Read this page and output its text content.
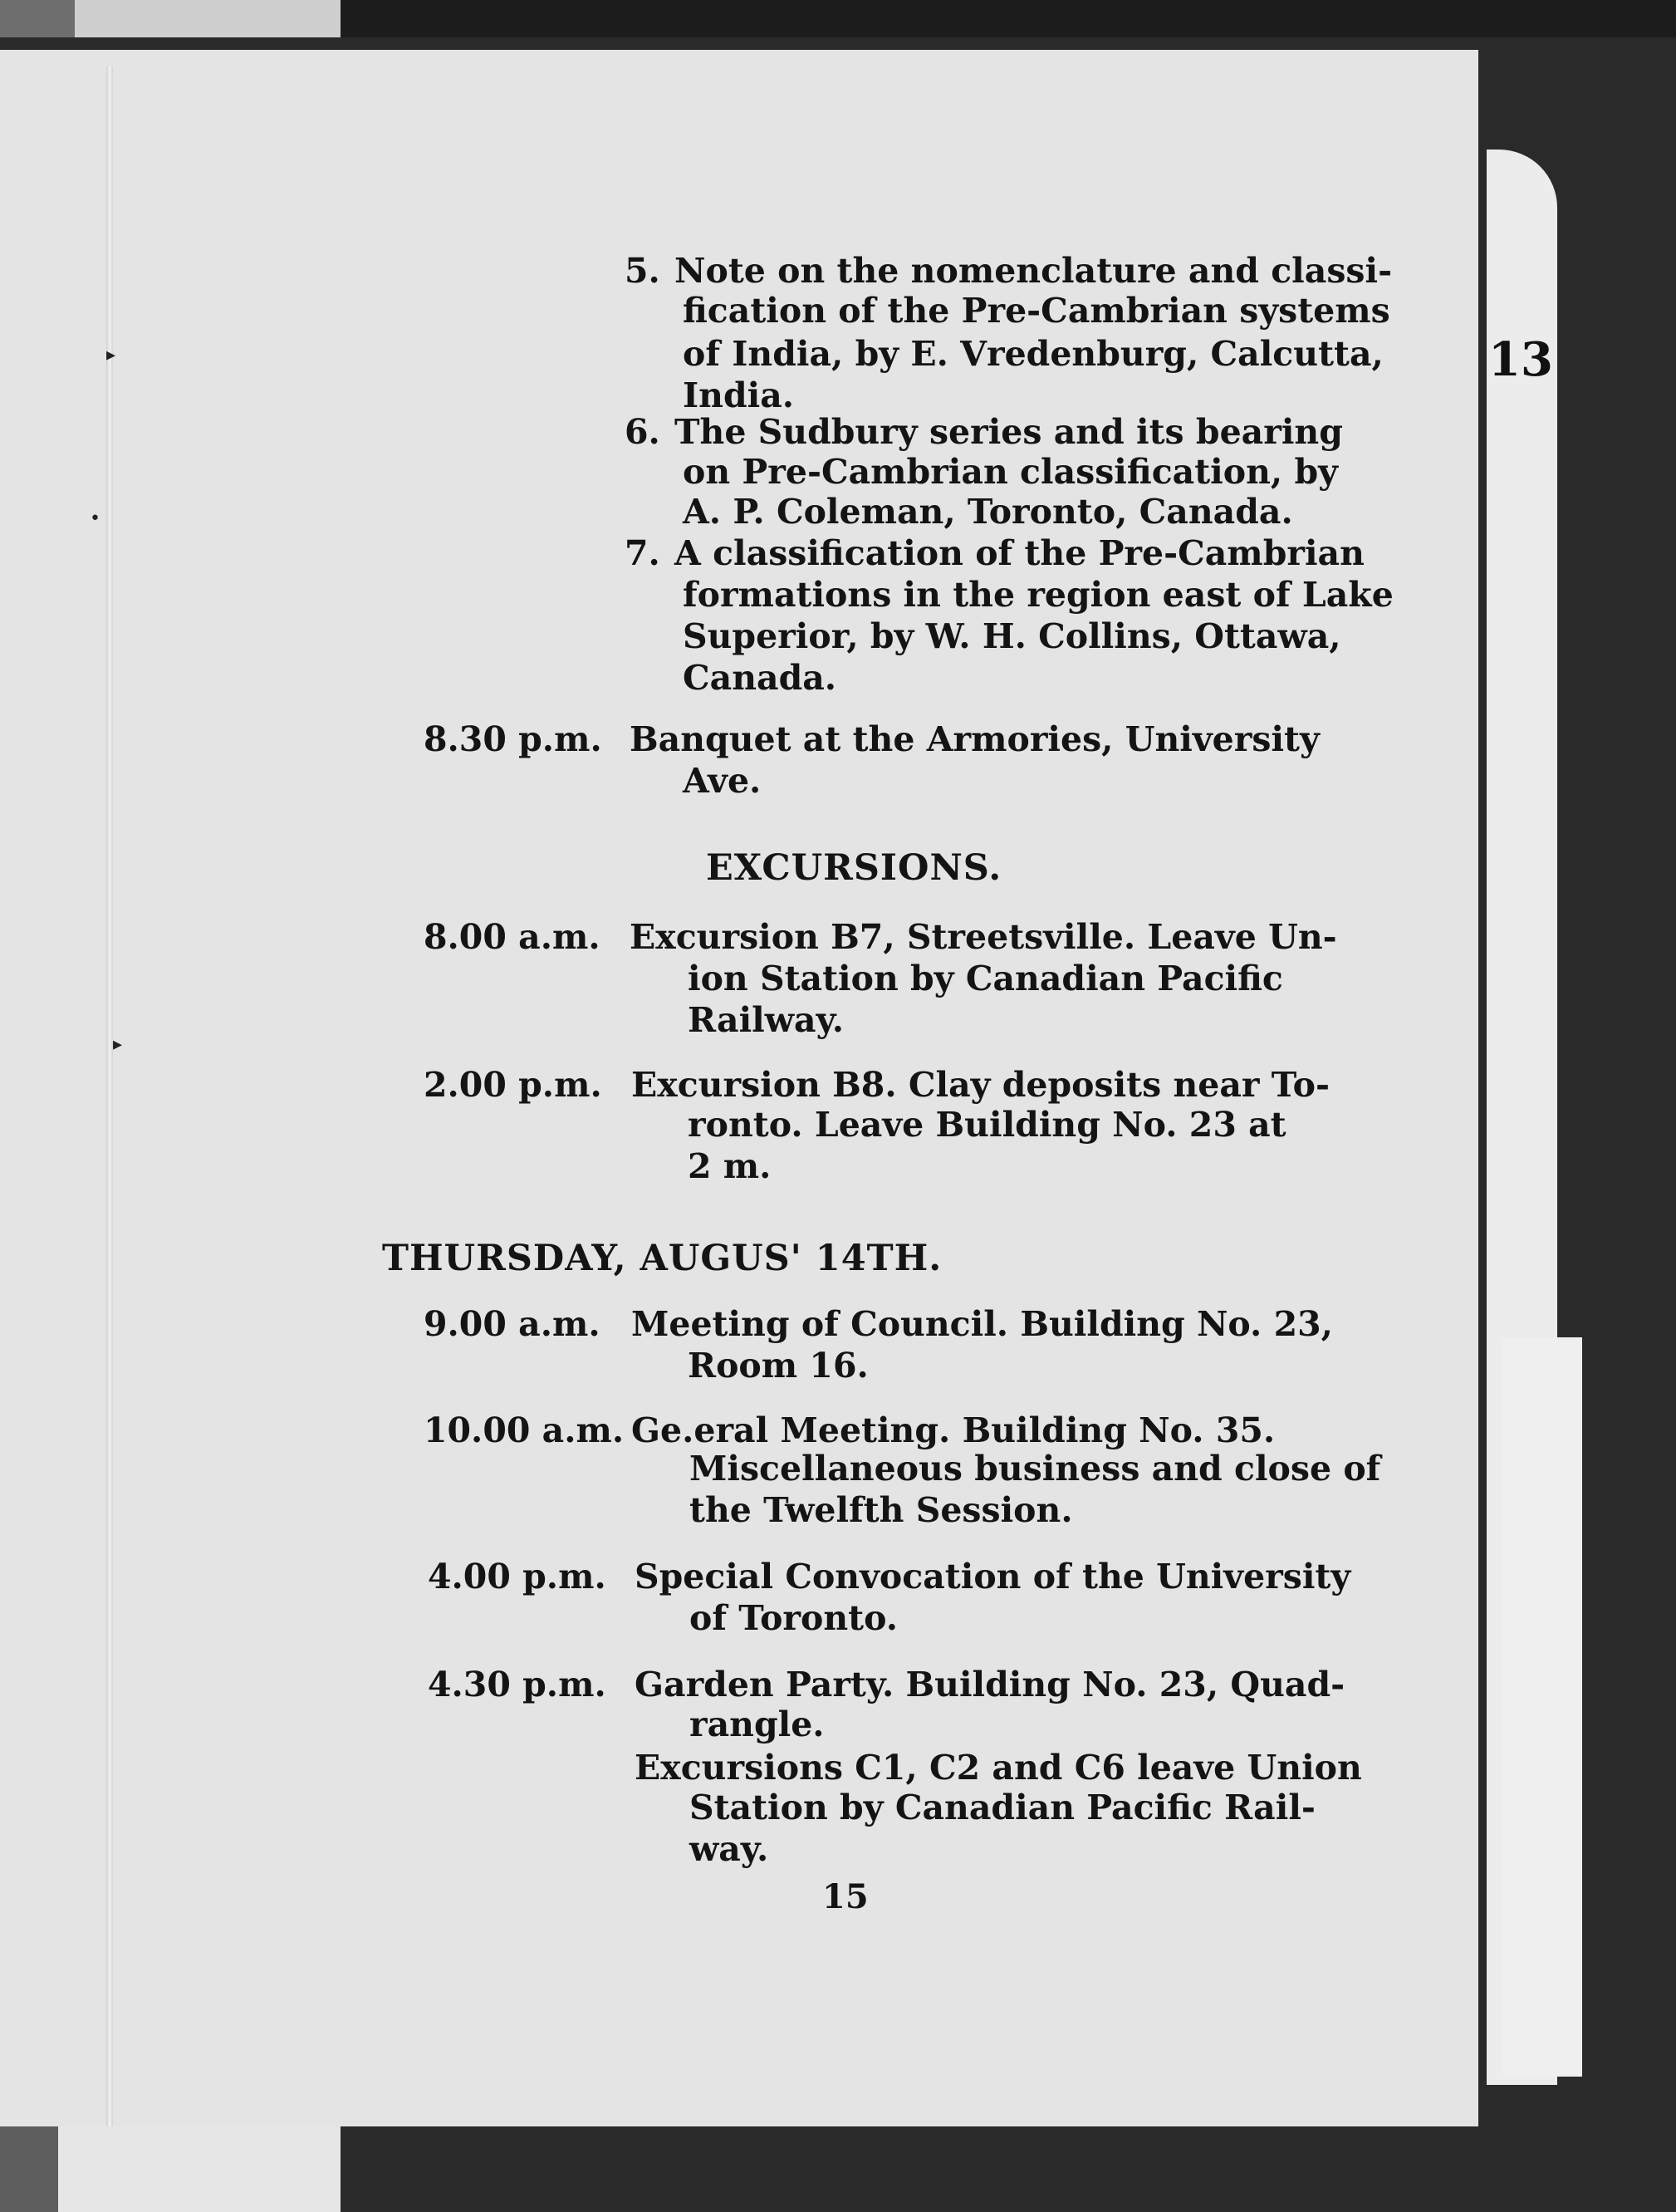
▸
•
▸
13
5. Note on the nomenclature and classi-
fication of the Pre-Cambrian systems
of India, by E. Vredenburg, Calcutta,
India.
6. The Sudbury series and its bearing
on Pre-Cambrian classification, by
A. P. Coleman, Toronto, Canada.
7. A classification of the Pre-Cambrian
formations in the region east of Lake
Superior, by W. H. Collins, Ottawa,
Canada.
8.30 p.m. Banquet at the Armories, University
Ave.
EXCURSIONS.
8.00 a.m. Excursion B7, Streetsville. Leave Un-
ion Station by Canadian Pacific
Railway.
2.00 p.m. Excursion B8. Clay deposits near To-
ronto. Leave Building No. 23 at
2 m.
THURSDAY, AUGUS' 14TH.
9.00 a.m. Meeting of Council. Building No. 23,
Room 16.
10.00 a.m. Ge.eral Meeting. Building No. 35.
Miscellaneous business and close of
the Twelfth Session.
4.00 p.m. Special Convocation of the University
of Toronto.
4.30 p.m. Garden Party. Building No. 23, Quad-
rangle.
Excursions C1, C2 and C6 leave Union
Station by Canadian Pacific Rail-
way.
15
